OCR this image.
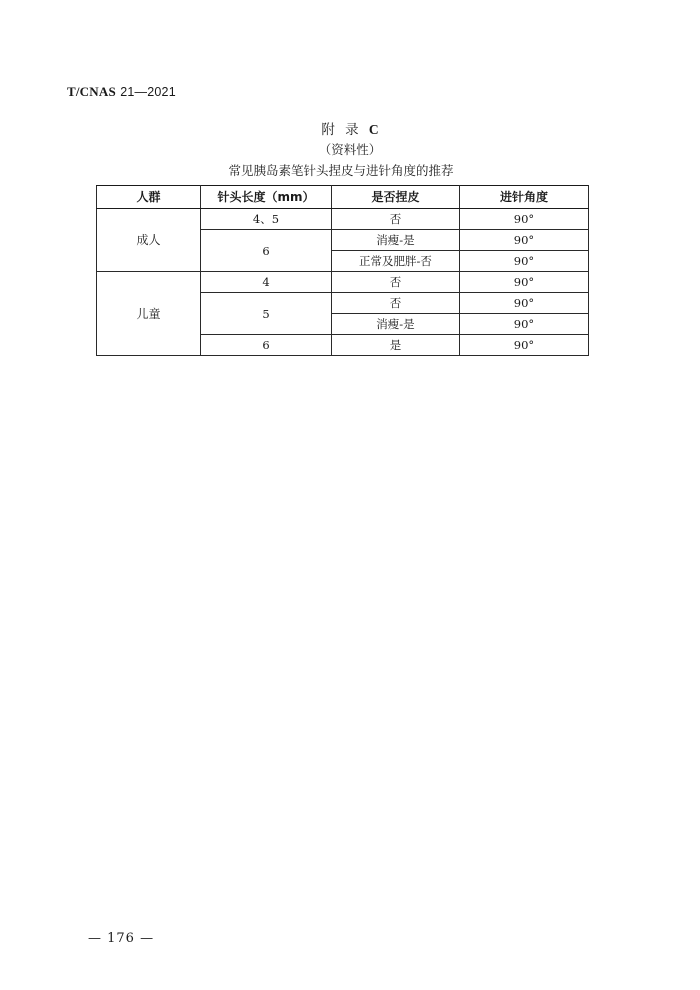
T/CNAS 21—2021
附 录 C
（资料性）
常见胰岛素笔针头捏皮与进针角度的推荐
人群	针头长度（mm）	是否捏皮	进针角度
成人	4、5	否	90°
	6	消瘦-是	90°
		正常及肥胖-否	90°
儿童	4	否	90°
	5	否	90°
		消瘦-是	90°
	6	是	90°
— 176 —
